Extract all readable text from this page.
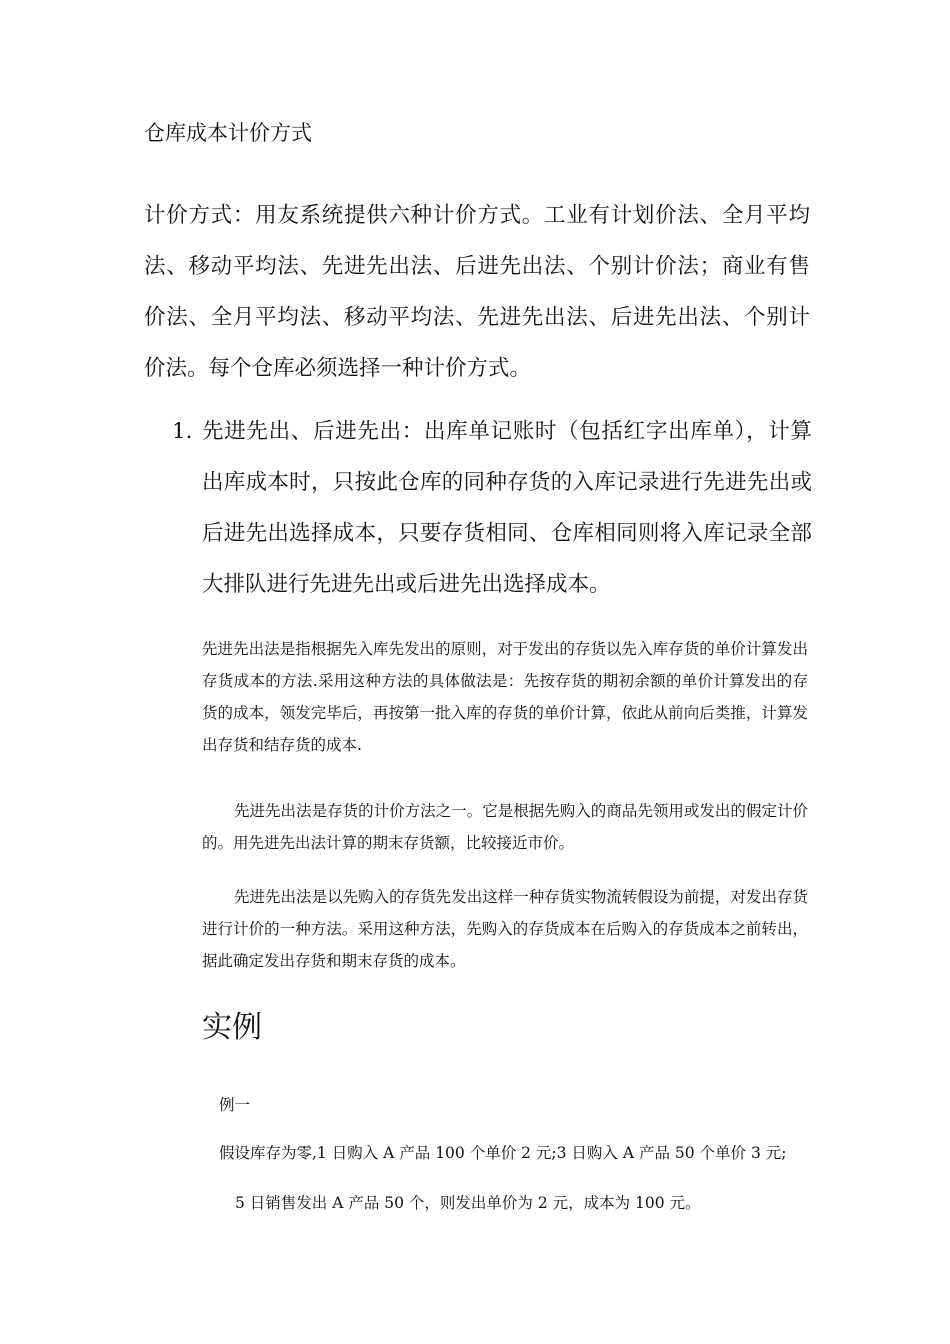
仓库成本计价方式
计价方式：用友系统提供六种计价方式。工业有计划价法、全月平均法、移动平均法、先进先出法、后进先出法、个别计价法；商业有售价法、全月平均法、移动平均法、先进先出法、后进先出法、个别计价法。每个仓库必须选择一种计价方式。
1. 先进先出、后进先出：出库单记账时（包括红字出库单），计算出库成本时，只按此仓库的同种存货的入库记录进行先进先出或后进先出选择成本，只要存货相同、仓库相同则将入库记录全部大排队进行先进先出或后进先出选择成本。
先进先出法是指根据先入库先发出的原则，对于发出的存货以先入库存货的单价计算发出存货成本的方法.采用这种方法的具体做法是：先按存货的期初余额的单价计算发出的存货的成本，领发完毕后，再按第一批入库的存货的单价计算，依此从前向后类推，计算发出存货和结存货的成本.
先进先出法是存货的计价方法之一。它是根据先购入的商品先领用或发出的假定计价的。用先进先出法计算的期末存货额，比较接近市价。
先进先出法是以先购入的存货先发出这样一种存货实物流转假设为前提，对发出存货进行计价的一种方法。采用这种方法，先购入的存货成本在后购入的存货成本之前转出，据此确定发出存货和期末存货的成本。
实例
例一
假设库存为零,1 日购入 A 产品 100 个单价 2 元;3 日购入 A 产品 50 个单价 3 元;
5 日销售发出 A 产品 50 个，则发出单价为 2 元，成本为 100 元。
